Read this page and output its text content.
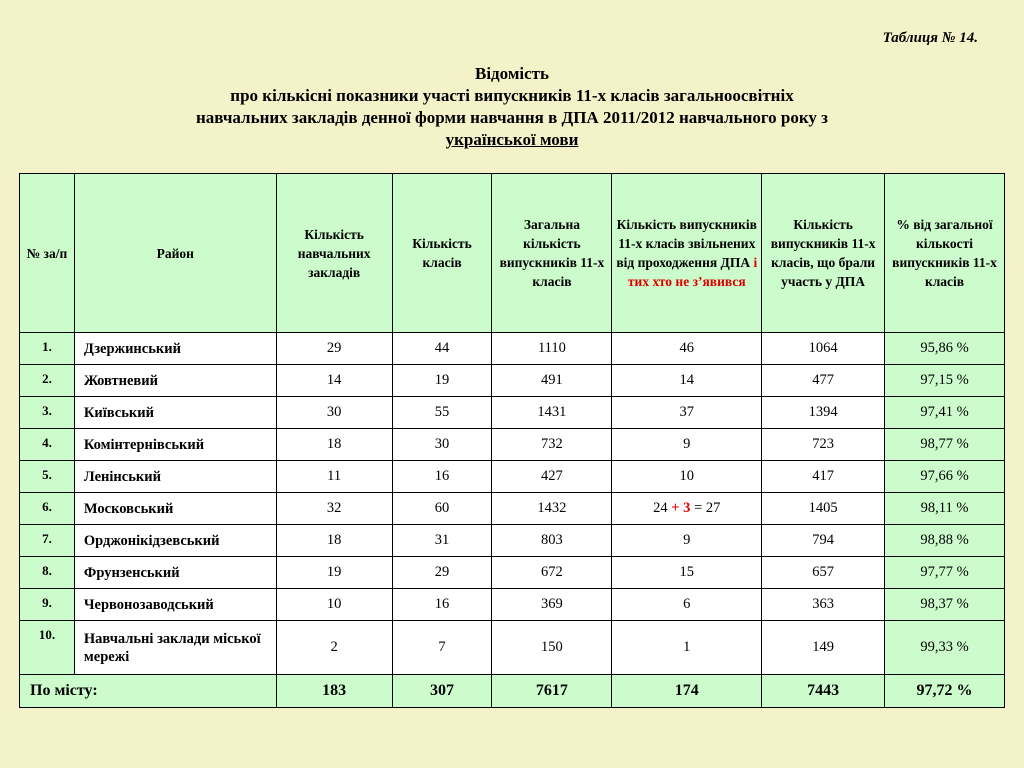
Таблиця № 14.
Відомість
про кількісні показники участі випускників 11-х класів загальноосвітніх
навчальних закладів денної форми навчання в ДПА 2011/2012 навчального року з
української мови
№ за/п	Район	Кількість навчальних закладів	Кількість класів	Загальна кількість випускників 11-х класів	Кількість випускників 11-х класів звільнених від проходження ДПА і тих хто не з’явився	Кількість випускників 11-х класів, що брали участь у ДПА	% від загальної кількості випускників 11-х класів
1.	Дзержинський	29	44	1110	46	1064	95,86 %
2.	Жовтневий	14	19	491	14	477	97,15 %
3.	Київський	30	55	1431	37	1394	97,41 %
4.	Комінтернівський	18	30	732	9	723	98,77 %
5.	Ленінський	11	16	427	10	417	97,66 %
6.	Московський	32	60	1432	24 + 3 = 27	1405	98,11 %
7.	Орджонікідзевський	18	31	803	9	794	98,88 %
8.	Фрунзенський	19	29	672	15	657	97,77 %
9.	Червонозаводський	10	16	369	6	363	98,37 %
10.	Навчальні заклади міської мережі	2	7	150	1	149	99,33 %
По місту:		183	307	7617	174	7443	97,72 %
